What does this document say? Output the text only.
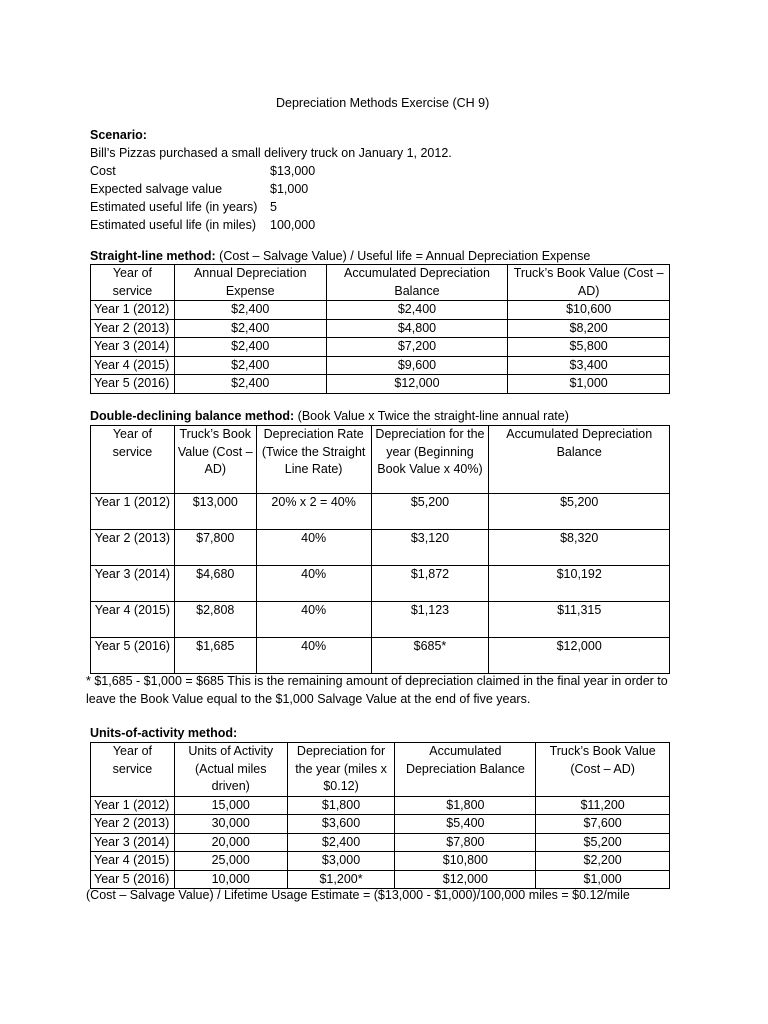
Depreciation Methods Exercise (CH 9)
Scenario:
Bill’s Pizzas purchased a small delivery truck on January 1, 2012.
Cost	$13,000
Expected salvage value	$1,000
Estimated useful life (in years)	5
Estimated useful life (in miles)	100,000
Straight-line method: (Cost – Salvage Value) / Useful life = Annual Depreciation Expense
Year of service	Annual Depreciation Expense	Accumulated Depreciation Balance	Truck’s Book Value (Cost – AD)
Year 1 (2012)	$2,400	$2,400	$10,600
Year 2 (2013)	$2,400	$4,800	$8,200
Year 3 (2014)	$2,400	$7,200	$5,800
Year 4 (2015)	$2,400	$9,600	$3,400
Year 5 (2016)	$2,400	$12,000	$1,000
Double-declining balance method: (Book Value x Twice the straight-line annual rate)
Year of service	Truck’s Book Value (Cost – AD)	Depreciation Rate (Twice the Straight Line Rate)	Depreciation for the year (Beginning Book Value x 40%)	Accumulated Depreciation Balance
Year 1 (2012)	$13,000	20% x 2 = 40%	$5,200	$5,200
Year 2 (2013)	$7,800	40%	$3,120	$8,320
Year 3 (2014)	$4,680	40%	$1,872	$10,192
Year 4 (2015)	$2,808	40%	$1,123	$11,315
Year 5 (2016)	$1,685	40%	$685*	$12,000
* $1,685 - $1,000 = $685 This is the remaining amount of depreciation claimed in the final year in order to leave the Book Value equal to the $1,000 Salvage Value at the end of five years.
Units-of-activity method:
Year of service	Units of Activity (Actual miles driven)	Depreciation for the year (miles x $0.12)	Accumulated Depreciation Balance	Truck’s Book Value (Cost – AD)
Year 1 (2012)	15,000	$1,800	$1,800	$11,200
Year 2 (2013)	30,000	$3,600	$5,400	$7,600
Year 3 (2014)	20,000	$2,400	$7,800	$5,200
Year 4 (2015)	25,000	$3,000	$10,800	$2,200
Year 5 (2016)	10,000	$1,200*	$12,000	$1,000
(Cost – Salvage Value) / Lifetime Usage Estimate = ($13,000 - $1,000)/100,000 miles = $0.12/mile
